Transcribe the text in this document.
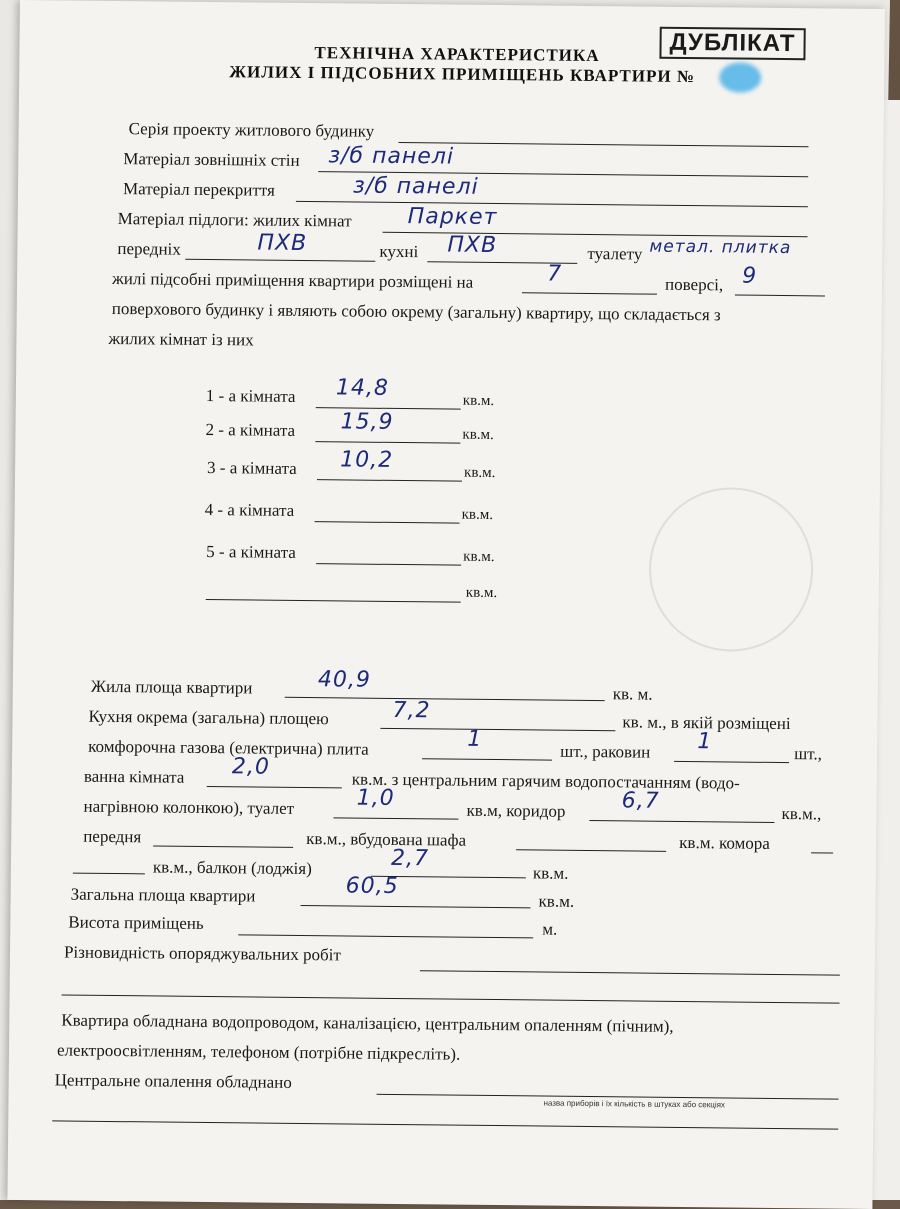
ТЕХНІЧНА ХАРАКТЕРИСТИКА
ЖИЛИХ І ПІДСОБНИХ ПРИМІЩЕНЬ КВАРТИРИ №
ДУБЛІКАТ
Серія проекту житлового будинку
Матеріал зовнішніх стін з/б панелі
Матеріал перекриття	з/б панелі
Матеріал підлоги: жилих кімнат	Паркет
передніх	ПХВ	кухні ПХВ	туалету метал. плитка
жилі підсобні приміщення квартири розміщені на	7	поверсі, 9
поверхового будинку і являють собою окрему (загальну) квартиру, що складається з
жилих кімнат із них
1 - а кімната 14,8	кв.м.
2 - а кімната 15,9	кв.м.
3 - а кімната 10,2	кв.м.
4 - а кімната	кв.м.
5 - а кімната	кв.м.
кв.м.
Жила площа квартири	40,9
кв. м.
Кухня окрема (загальна) площею	7,2	кв. м., в якій розміщені
комфорочна газова (електрична) плита	1	шт., раковин 1	шт.,
ванна кімната 2,0
кв.м. з центральним гарячим водопостачанням (водо-
нагрівною колонкою), туалет	1,0	кв.м, коридор	6,7	кв.м.,
передня	кв.м., вбудована шафа	кв.м. комора
кв.м., балкон (лоджія)	2,7
кв.м.
Загальна площа квартири	60,5
кв.м.
Висота приміщень	м.
Різновидність опоряджувальних робіт
Квартира обладнана водопроводом, каналізацією, центральним опаленням (пічним),
електроосвітленням, телефоном (потрібне підкресліть).
Центральне опалення обладнано
назва приборів і їх кількість в штуках або секціях
